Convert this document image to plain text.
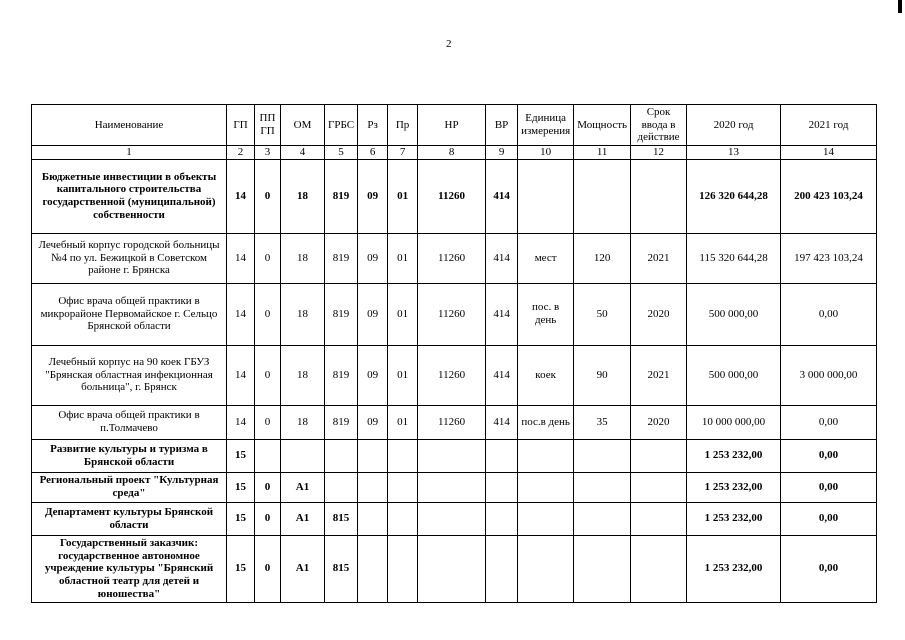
2
Наименование	ГП	ППГП	ОМ	ГРБС	Рз	Пр	НР	ВР	Единица измерения	Мощность	Срок ввода в действие	2020 год	2021 год
1	2	3	4	5	6	7	8	9	10	11	12	13	14
Бюджетные инвестиции в объекты капитального строительства государственной (муниципальной) собственности	14	0	18	819	09	01	11260	414				126 320 644,28	200 423 103,24
Лечебный корпус городской больницы №4 по ул. Бежицкой в Советском районе г. Брянска	14	0	18	819	09	01	11260	414	мест	120	2021	115 320 644,28	197 423 103,24
Офис врача общей практики в микрорайоне Первомайское г. Сельцо Брянской области	14	0	18	819	09	01	11260	414	пос. в день	50	2020	500 000,00	0,00
Лечебный корпус на 90 коек ГБУЗ "Брянская областная инфекционная больница", г. Брянск	14	0	18	819	09	01	11260	414	коек	90	2021	500 000,00	3 000 000,00
Офис врача общей практики в п.Толмачево	14	0	18	819	09	01	11260	414	пос.в день	35	2020	10 000 000,00	0,00
Развитие культуры и туризма в Брянской области	15											1 253 232,00	0,00
Региональный проект "Культурная среда"	15	0	А1									1 253 232,00	0,00
Департамент культуры Брянской области	15	0	А1	815								1 253 232,00	0,00
Государственный заказчик: государственное автономное учреждение культуры "Брянский областной театр для детей и юношества"	15	0	А1	815								1 253 232,00	0,00
